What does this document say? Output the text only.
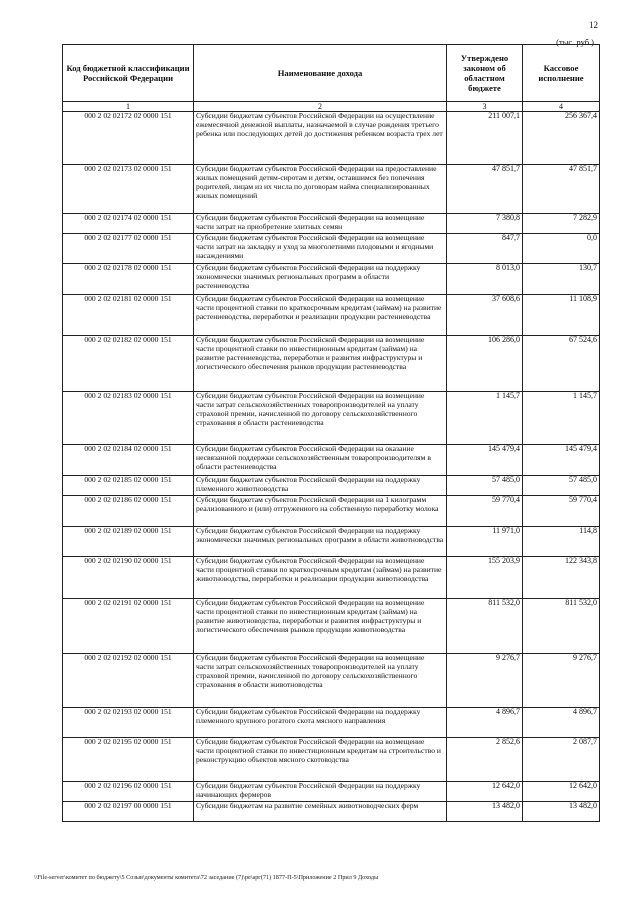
12
(тыс. руб.)
Код бюджетной классификации Российской Федерации	Наименование дохода	Утверждено законом об областном бюджете	Кассовое исполнение
1	2	3	4
000 2 02 02172 02 0000 151	Субсидии бюджетам субъектов Российской Федерации на осуществление ежемесячной денежной выплаты, назначаемой в случае рождения третьего ребенка или последующих детей до достижения ребенком возраста трех лет	211 007,1	256 367,4
000 2 02 02173 02 0000 151	Субсидии бюджетам субъектов Российской Федерации на предоставление жилых помещений детям-сиротам и детям, оставшимся без попечения родителей, лицам из их числа по договорам найма специализированных жилых помещений	47 851,7	47 851,7
000 2 02 02174 02 0000 151	Субсидии бюджетам субъектов Российской Федерации на возмещение части затрат на приобретение элитных семян	7 380,8	7 282,9
000 2 02 02177 02 0000 151	Субсидии бюджетам субъектов Российской Федерации на возмещение части затрат на закладку и уход за многолетними плодовыми и ягодными насаждениями	847,7	0,0
000 2 02 02178 02 0000 151	Субсидии бюджетам субъектов Российской Федерации на поддержку экономически значимых региональных программ в области растениеводства	8 013,0	130,7
000 2 02 02181 02 0000 151	Субсидии бюджетам субъектов Российской Федерации на возмещение части процентной ставки по краткосрочным кредитам (займам) на развитие растениеводства, переработки и реализации продукции растениеводства	37 608,6	11 108,9
000 2 02 02182 02 0000 151	Субсидии бюджетам субъектов Российской Федерации на возмещение части процентной ставки по инвестиционным кредитам (займам) на развитие растениеводства, переработки и развития инфраструктуры и логистического обеспечения рынков продукции растениеводства	106 286,0	67 524,6
000 2 02 02183 02 0000 151	Субсидии бюджетам субъектов Российской Федерации на возмещение части затрат сельскохозяйственных товаропроизводителей на уплату страховой премии, начисленной по договору сельскохозяйственного страхования в области растениеводства	1 145,7	1 145,7
000 2 02 02184 02 0000 151	Субсидии бюджетам субъектов Российской Федерации на оказание несвязанной поддержки сельскохозяйственным товаропроизводителям в области растениеводства	145 479,4	145 479,4
000 2 02 02185 02 0000 151	Субсидии бюджетам субъектов Российской Федерации на поддержку племенного животноводства	57 485,0	57 485,0
000 2 02 02186 02 0000 151	Субсидии бюджетам субъектов Российской Федерации на 1 килограмм реализованного и (или) отгруженного на собственную переработку молока	59 770,4	59 770,4
000 2 02 02189 02 0000 151	Субсидии бюджетам субъектов Российской Федерации на поддержку экономически значимых региональных программ в области животноводства	11 971,0	114,8
000 2 02 02190 02 0000 151	Субсидии бюджетам субъектов Российской Федерации на возмещение части процентной ставки по краткосрочным кредитам (займам) на развитие животноводства, переработки и реализации продукции животноводства	155 203,9	122 343,8
000 2 02 02191 02 0000 151	Субсидии бюджетам субъектов Российской Федерации на возмещение части процентной ставки по инвестиционным кредитам (займам) на развитие животноводства, переработки и развития инфраструктуры и логистического обеспечения рынков продукции животноводства	811 532,0	811 532,0
000 2 02 02192 02 0000 151	Субсидии бюджетам субъектов Российской Федерации на возмещение части затрат сельскохозяйственных товаропроизводителей на уплату страховой премии, начисленной по договору сельскохозяйственного страхования в области животноводства	9 276,7	9 276,7
000 2 02 02193 02 0000 151	Субсидии бюджетам субъектов Российской Федерации на поддержку племенного крупного рогатого скота мясного направления	4 896,7	4 896,7
000 2 02 02195 02 0000 151	Субсидии бюджетам субъектов Российской Федерации на возмещение части процентной ставки по инвестиционным кредитам на строительство и реконструкцию объектов мясного скотоводства	2 852,6	2 087,7
000 2 02 02196 02 0000 151	Субсидии бюджетам субъектов Российской Федерации на поддержку начинающих фермеров	12 642,0	12 642,0
000 2 02 02197 00 0000 151	Субсидии бюджетам на развитие семейных животноводческих ферм	13 482,0	13 482,0
\\File-server\комитет по бюджету\5 Созыв\документы комитета\72 заседание (7)\ре\арг(71) 1877-П-5\Приложение 2 Прил 9 Доходы
